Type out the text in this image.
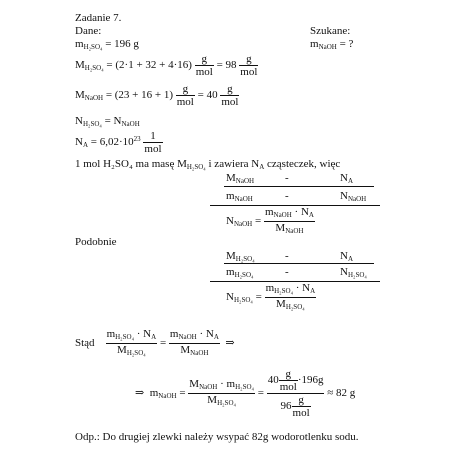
Zadanie 7.
Dane:	Szukane:
$m_{NaOH}$ = ?
$m_{H_2SO_4} = 196$ g
$M_{H_2SO_4} = (2\cdot 1 + 32 + 4\cdot 16) \frac{g}{\text{mol}} = 98 \frac{g}{\text{mol}}$
$M_{NaOH} = (23 + 16 + 1) \frac{g}{\text{mol}} = 40 \frac{g}{\text{mol}}$
$N_{H_2SO_4} = N_{NaOH}$
$N_A = 6,02\cdot 10^{23} \frac{1}{\text{mol}}$
1 mol H₂SO₄ ma masę $M_{H_2SO_4}$ i zawiera $N_A$ cząsteczek, więc
$M_{NaOH}$	-	$N_A$
$m_{NaOH}$	-	$N_{NaOH}$
$N_{NaOH} = \frac{m_{NaOH} \cdot N_A}{M_{NaOH}}$
Podobnie
$M_{H_2SO_4}$	-	$N_A$
$m_{H_2SO_4}$	-	$N_{H_2SO_4}$
$N_{H_2SO_4} = \frac{m_{H_2SO_4} \cdot N_A}{M_{H_2SO_4}}$
Stąd $\frac{m_{H_2SO_4} \cdot N_A}{M_{H_2SO_4}} = \frac{m_{NaOH} \cdot N_A}{M_{NaOH}}$ ⇒
⇒ $m_{NaOH} = \frac{M_{NaOH} \cdot m_{H_2SO_4}}{M_{H_2SO_4}} = \frac{40 \frac{g}{\text{mol}} \cdot 196g}{96 \frac{g}{\text{mol}}} \approx 82$ g
Odp.: Do drugiej zlewki należy wsypać 82g wodorotlenku sodu.
